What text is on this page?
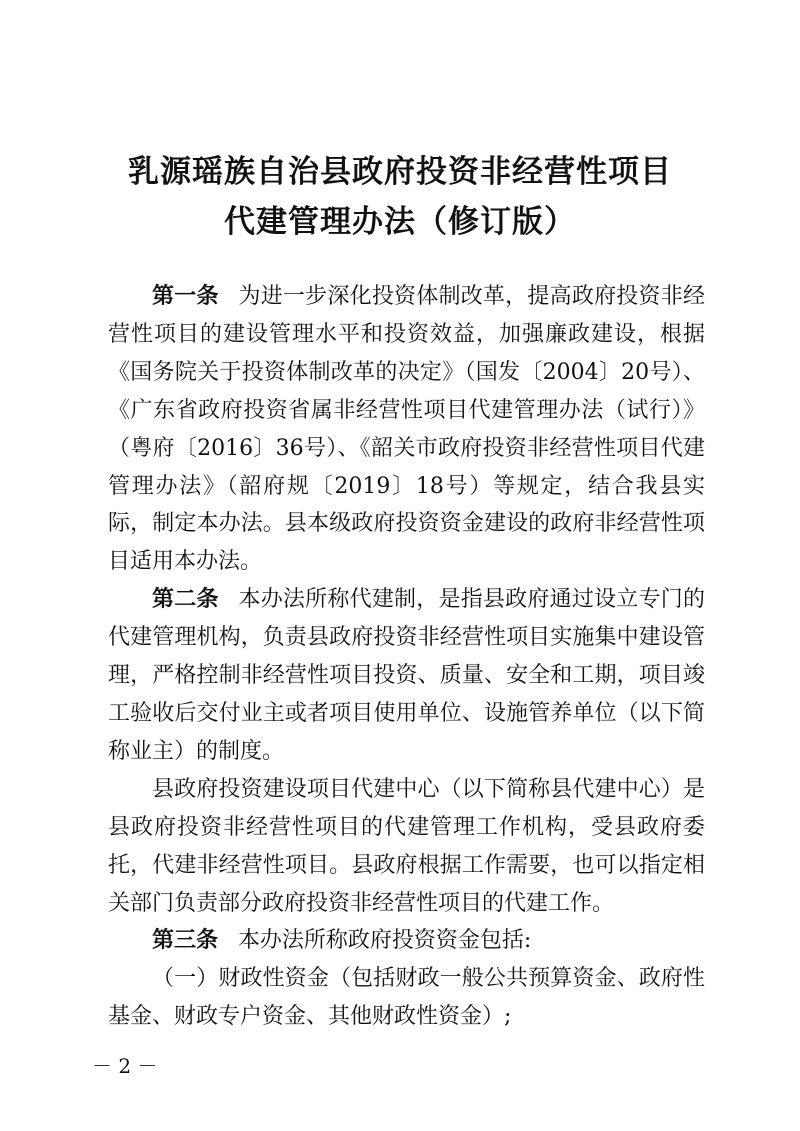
乳源瑶族自治县政府投资非经营性项目
代建管理办法（修订版）

第一条 为进一步深化投资体制改革，提高政府投资非经营性项目的建设管理水平和投资效益，加强廉政建设，根据《国务院关于投资体制改革的决定》（国发〔2004〕20号）、《广东省政府投资省属非经营性项目代建管理办法（试行）》（粤府〔2016〕36号）、《韶关市政府投资非经营性项目代建管理办法》（韶府规〔2019〕18号）等规定，结合我县实际，制定本办法。县本级政府投资资金建设的政府非经营性项目适用本办法。

第二条 本办法所称代建制，是指县政府通过设立专门的代建管理机构，负责县政府投资非经营性项目实施集中建设管理，严格控制非经营性项目投资、质量、安全和工期，项目竣工验收后交付业主或者项目使用单位、设施管养单位（以下简称业主）的制度。

县政府投资建设项目代建中心（以下简称县代建中心）是县政府投资非经营性项目的代建管理工作机构，受县政府委托，代建非经营性项目。县政府根据工作需要，也可以指定相关部门负责部分政府投资非经营性项目的代建工作。

第三条 本办法所称政府投资资金包括:

（一）财政性资金（包括财政一般公共预算资金、政府性基金、财政专户资金、其他财政性资金）;

－ 2 －
